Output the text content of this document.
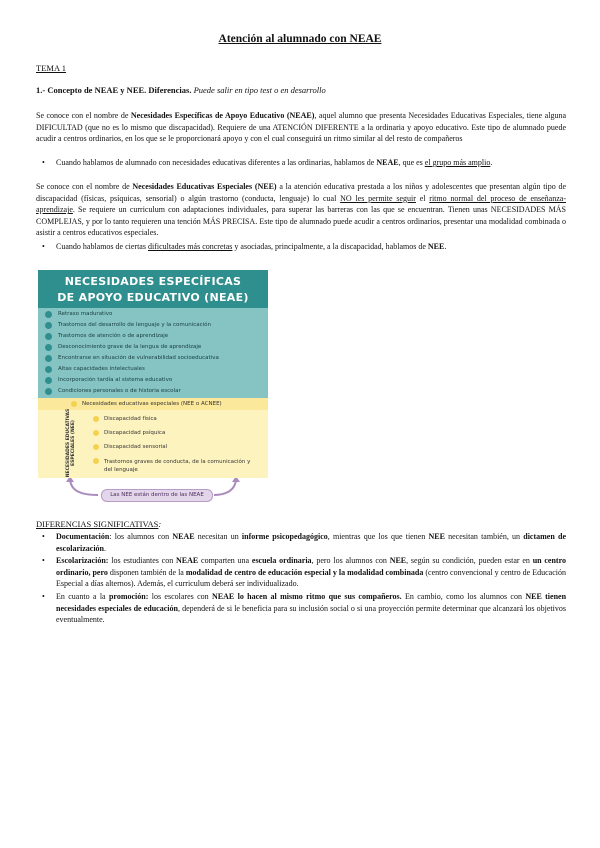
Atención al alumnado con NEAE
TEMA 1
1.- Concepto de NEAE y NEE. Diferencias. Puede salir en tipo test o en desarrollo
Se conoce con el nombre de Necesidades Específicas de Apoyo Educativo (NEAE), aquel alumno que presenta Necesidades Educativas Especiales, tiene alguna DIFICULTAD (que no es lo mismo que discapacidad). Requiere de una ATENCIÓN DIFERENTE a la ordinaria y apoyo educativo. Este tipo de alumnado puede acudir a centros ordinarios, en los que se le proporcionará apoyo y con el cual conseguirá un ritmo similar al del resto de compañeros
• Cuando hablamos de alumnado con necesidades educativas diferentes a las ordinarias, hablamos de NEAE, que es el grupo más amplio.
Se conoce con el nombre de Necesidades Educativas Especiales (NEE) a la atención educativa prestada a los niños y adolescentes que presentan algún tipo de discapacidad (físicas, psíquicas, sensorial) o algún trastorno (conducta, lenguaje) lo cual NO les permite seguir el ritmo normal del proceso de enseñanza-aprendizaje. Se requiere un curriculum con adaptaciones individuales, para superar las barreras con las que se encuentran. Tienen unas NECESIDADES MÁS COMPLEJAS, y por lo tanto requieren una tención MÁS PRECISA. Este tipo de alumnado puede acudir a centros ordinarios, presentar una modalidad combinada o asistir a centros educativos especiales.
• Cuando hablamos de ciertas dificultades más concretas y asociadas, principalmente, a la discapacidad, hablamos de NEE.
NECESIDADES ESPECÍFICAS
DE APOYO EDUCATIVO (NEAE)
Retraso madurativo
Trastornos del desarrollo de lenguaje y la comunicación
Trastornos de atención o de aprendizaje
Desconocimiento grave de la lengua de aprendizaje
Encontrarse en situación de vulnerabilidad socioeducativa
Altas capacidades intelectuales
Incorporación tardía al sistema educativo
Condiciones personales o de historia escolar
NECESIDADES EDUCATIVAS ESPECIALES (NEE)
Necesidades educativas especiales (NEE o ACNEE)
Discapacidad física
Discapacidad psíquica
Discapacidad sensorial
Trastornos graves de conducta, de la comunicación y del lenguaje
Las NEE están dentro de las NEAE
DIFERENCIAS SIGNIFICATIVAS:
• Documentación: los alumnos con NEAE necesitan un informe psicopedagógico, mientras que los que tienen NEE necesitan también, un dictamen de escolarización.
• Escolarización: los estudiantes con NEAE comparten una escuela ordinaria, pero los alumnos con NEE, según su condición, pueden estar en un centro ordinario, pero disponen también de la modalidad de centro de educación especial y la modalidad combinada (centro convencional y centro de Educación Especial a días alternos). Además, el curriculum deberá ser individualizado.
• En cuanto a la promoción: los escolares con NEAE lo hacen al mismo ritmo que sus compañeros. En cambio, como los alumnos con NEE tienen necesidades especiales de educación, dependerá de si le beneficia para su inclusión social o si una proyección permite determinar que alcanzará los objetivos eventualmente.
